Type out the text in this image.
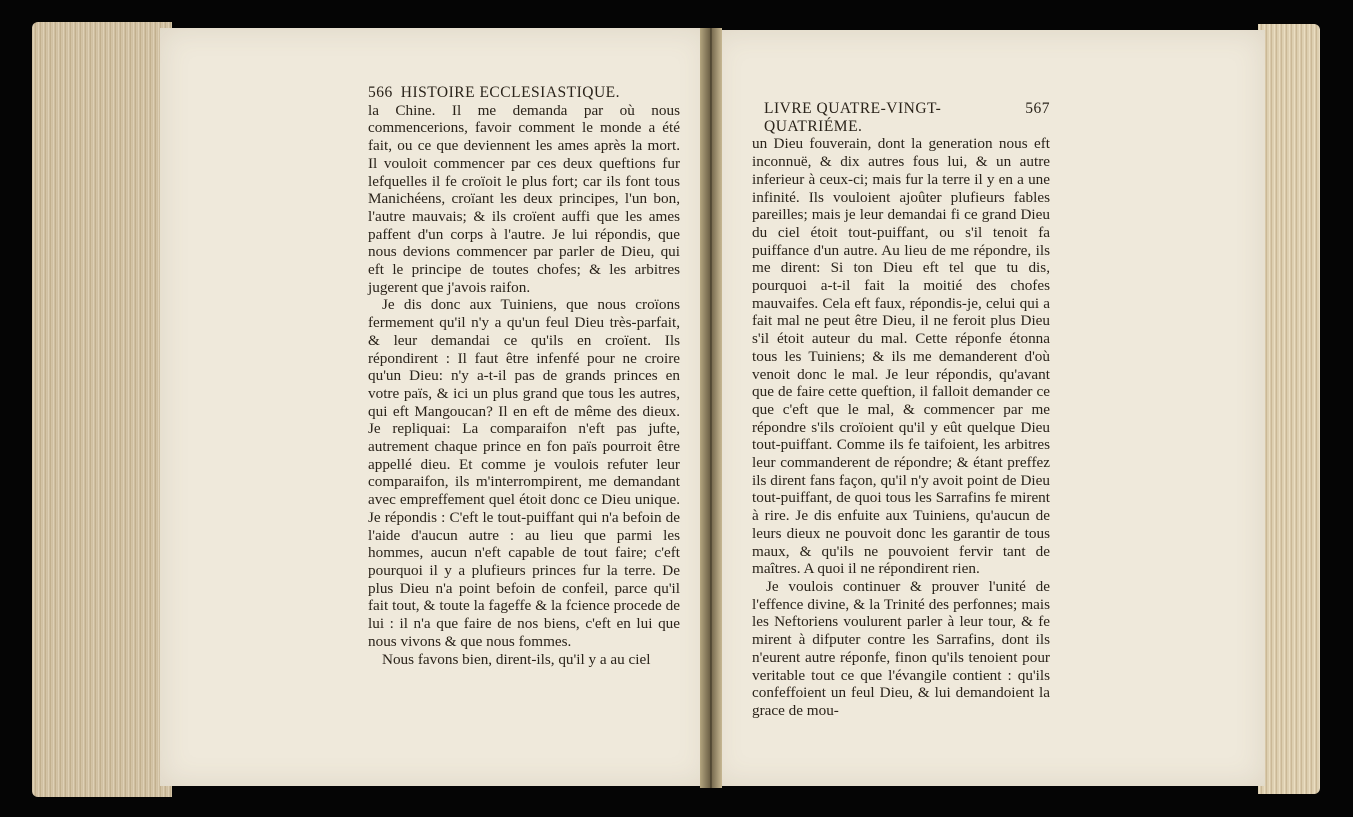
566 HISTOIRE ECCLESIASTIQUE.

la Chine. Il me demanda par où nous commencerions, favoir comment le monde a été fait, ou ce que deviennent les ames après la mort. Il vouloit commencer par ces deux queftions fur lefquelles il fe croïoit le plus fort; car ils font tous Manichéens, croïant les deux principes, l'un bon, l'autre mauvais; & ils croïent auffi que les ames paffent d'un corps à l'autre. Je lui répondis, que nous devions commencer par parler de Dieu, qui eft le principe de toutes chofes; & les arbitres jugerent que j'avois raifon.

Je dis donc aux Tuiniens, que nous croïons fermement qu'il n'y a qu'un feul Dieu très-parfait, & leur demandai ce qu'ils en croïent. Ils répondirent : Il faut être infenfé pour ne croire qu'un Dieu: n'y a-t-il pas de grands princes en votre païs, & ici un plus grand que tous les autres, qui eft Mangoucan? Il en eft de même des dieux. Je repliquai: La comparaifon n'eft pas jufte, autrement chaque prince en fon païs pourroit être appellé dieu. Et comme je voulois refuter leur comparaifon, ils m'interrompirent, me demandant avec empreffement quel étoit donc ce Dieu unique. Je répondis : C'eft le tout-puiffant qui n'a befoin de l'aide d'aucun autre : au lieu que parmi les hommes, aucun n'eft capable de tout faire; c'eft pourquoi il y a plufieurs princes fur la terre. De plus Dieu n'a point befoin de confeil, parce qu'il fait tout, & toute la fageffe & la fcience procede de lui : il n'a que faire de nos biens, c'eft en lui que nous vivons & que nous fommes.

Nous favons bien, dirent-ils, qu'il y a au ciel

LIVRE QUATRE-VINGT-QUATRIÉME.
567

un Dieu fouverain, dont la generation nous eft inconnuë, & dix autres fous lui, & un autre inferieur à ceux-ci; mais fur la terre il y en a une infinité. Ils vouloient ajoûter plufieurs fables pareilles; mais je leur demandai fi ce grand Dieu du ciel étoit tout-puiffant, ou s'il tenoit fa puiffance d'un autre. Au lieu de me répondre, ils me dirent: Si ton Dieu eft tel que tu dis, pourquoi a-t-il fait la moitié des chofes mauvaifes. Cela eft faux, répondis-je, celui qui a fait mal ne peut être Dieu, il ne feroit plus Dieu s'il étoit auteur du mal. Cette réponfe étonna tous les Tuiniens; & ils me demanderent d'où venoit donc le mal. Je leur répondis, qu'avant que de faire cette queftion, il falloit demander ce que c'eft que le mal, & commencer par me répondre s'ils croïoient qu'il y eût quelque Dieu tout-puiffant. Comme ils fe taifoient, les arbitres leur commanderent de répondre; & étant preffez ils dirent fans façon, qu'il n'y avoit point de Dieu tout-puiffant, de quoi tous les Sarrafins fe mirent à rire. Je dis enfuite aux Tuiniens, qu'aucun de leurs dieux ne pouvoit donc les garantir de tous maux, & qu'ils ne pouvoient fervir tant de maîtres. A quoi il ne répondirent rien.

Je voulois continuer & prouver l'unité de l'effence divine, & la Trinité des perfonnes; mais les Neftoriens voulurent parler à leur tour, & fe mirent à difputer contre les Sarrafins, dont ils n'eurent autre réponfe, finon qu'ils tenoient pour veritable tout ce que l'évangile contient : qu'ils confeffoient un feul Dieu, & lui demandoient la grace de mou-
